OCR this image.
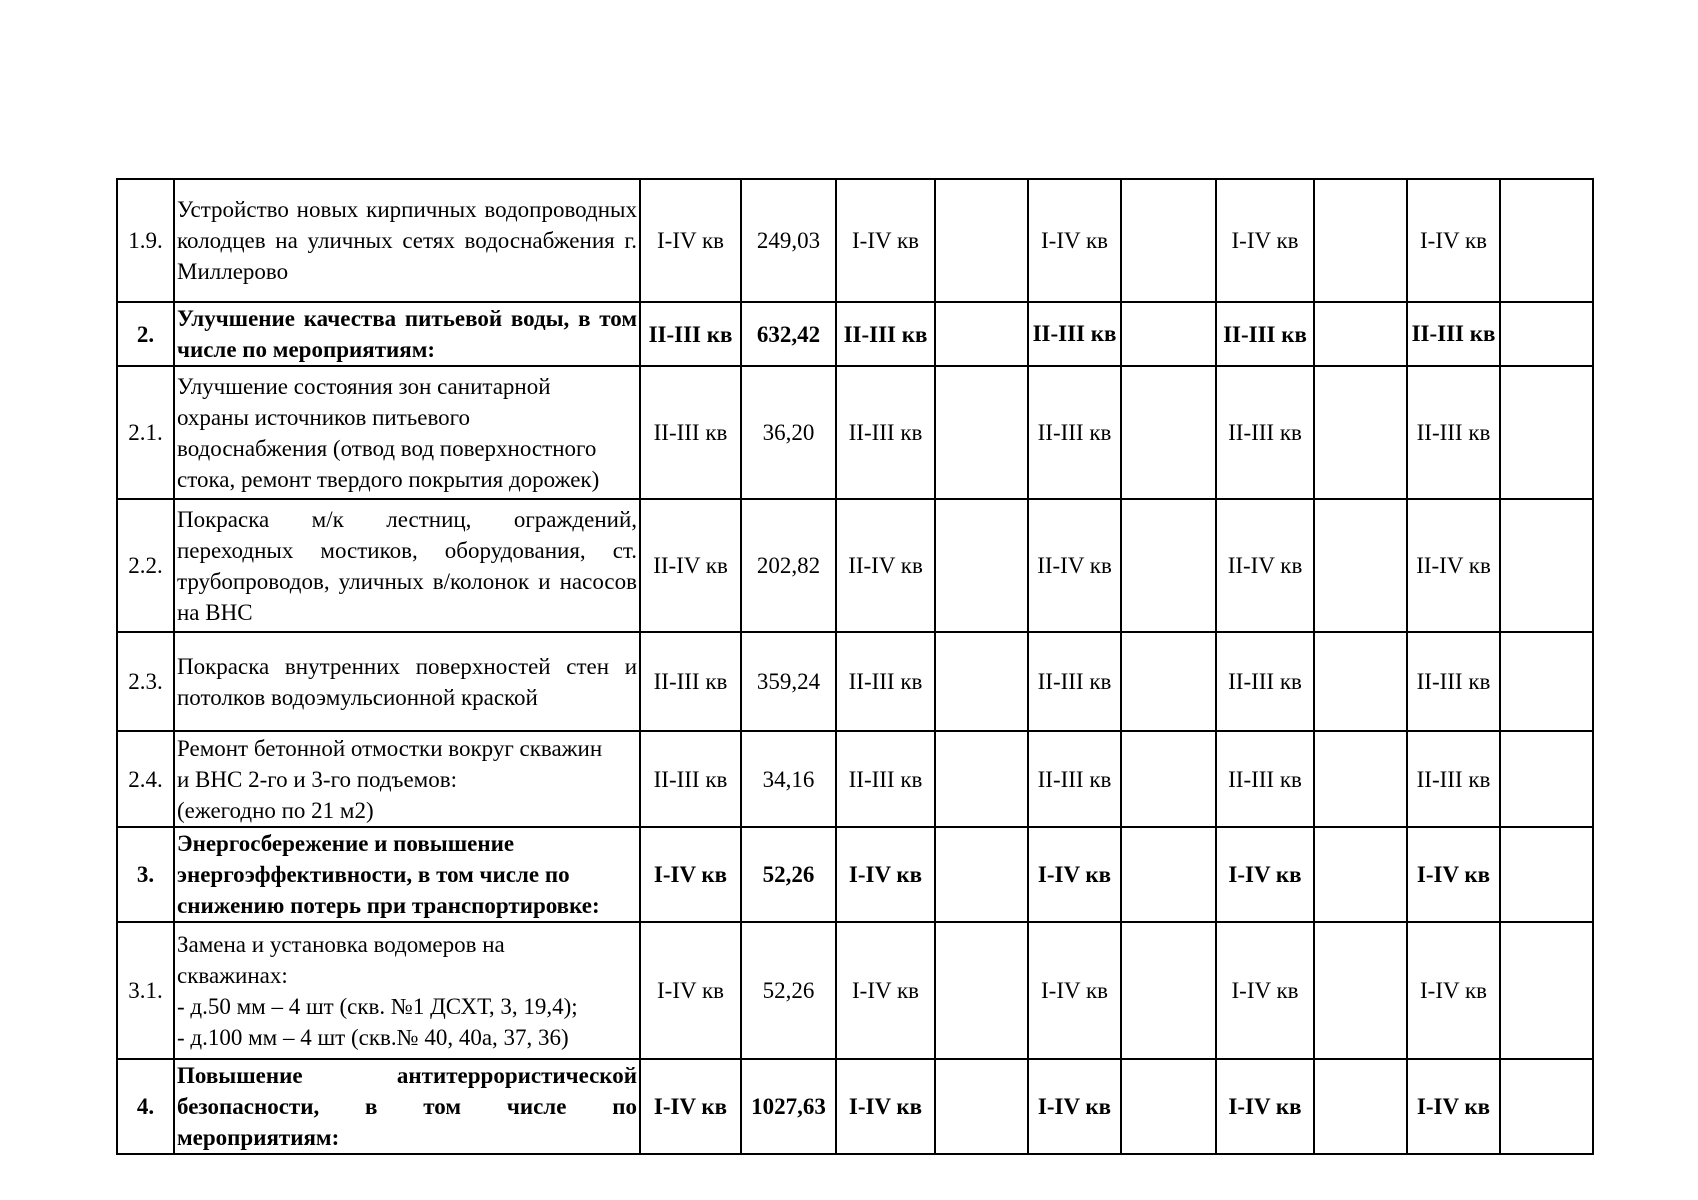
1.9.	Устройство новых кирпичных водопроводных колодцев на уличных сетях водоснабжения г. Миллерово	I-IV кв	249,03	I-IV кв		I-IV кв		I-IV кв		I-IV кв	
2.	Улучшение качества питьевой воды, в том числе по мероприятиям:	II-III кв	632,42	II-III кв		II-III кв		II-III кв		II-III кв	
2.1.	Улучшение состояния зон санитарной
охраны источников питьевого
водоснабжения (отвод вод поверхностного
стока, ремонт твердого покрытия дорожек)	II-III кв	36,20	II-III кв		II-III кв		II-III кв		II-III кв	
2.2.	Покраска м/к лестниц, ограждений, переходных мостиков, оборудования, ст. трубопроводов, уличных в/колонок и насосов на ВНС	II-IV кв	202,82	II-IV кв		II-IV кв		II-IV кв		II-IV кв	
2.3.	Покраска внутренних поверхностей стен и потолков водоэмульсионной краской	II-III кв	359,24	II-III кв		II-III кв		II-III кв		II-III кв	
2.4.	Ремонт бетонной отмостки вокруг скважин
и ВНС 2-го и 3-го подъемов:
(ежегодно по 21 м2)	II-III кв	34,16	II-III кв		II-III кв		II-III кв		II-III кв	
3.	Энергосбережение и повышение
энергоэффективности, в том числе по
снижению потерь при транспортировке:	I-IV кв	52,26	I-IV кв		I-IV кв		I-IV кв		I-IV кв	
3.1.	Замена и установка водомеров на
скважинах:
- д.50 мм – 4 шт (скв. №1 ДСХТ, 3, 19,4);
- д.100 мм – 4 шт (скв.№ 40, 40а, 37, 36)	I-IV кв	52,26	I-IV кв		I-IV кв		I-IV кв		I-IV кв	
4.	Повышение антитеррористической безопасности, в том числе по мероприятиям:	I-IV кв	1027,63	I-IV кв		I-IV кв		I-IV кв		I-IV кв	
